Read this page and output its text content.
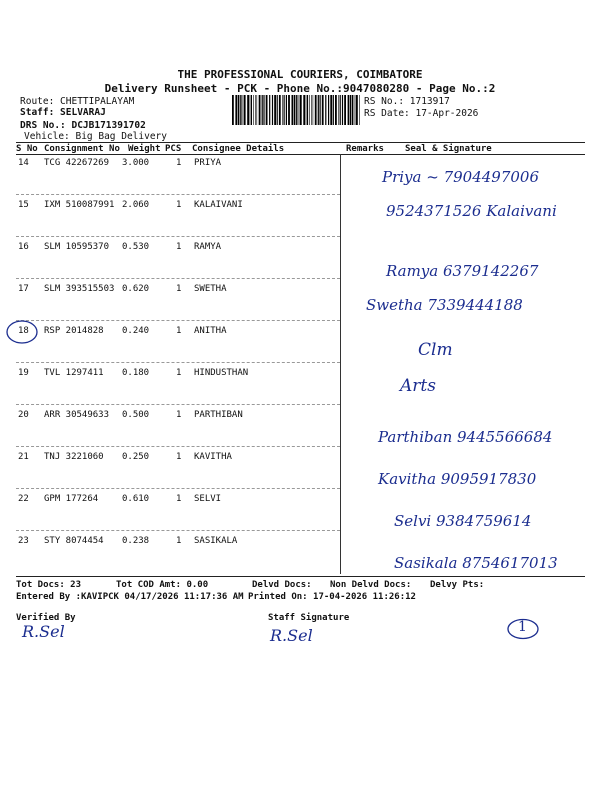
THE PROFESSIONAL COURIERS, COIMBATORE
Delivery Runsheet - PCK - Phone No.:9047080280 - Page No.:2
Route: CHETTIPALAYAM
Staff: SELVARAJ
DRS No.: DCJB171391702
Vehicle: Big Bag Delivery
RS No.: 1713917
RS Date: 17-Apr-2026
S No Consignment No Weight PCS Consignee Details	Remarks Seal & Signature
14 TCG 42267269 3.000	1 PRIYA
Priya ~ 7904497006
15 IXM 510087991 2.060	1 KALAIVANI	9524371526 Kalaivani
16 SLM 10595370 0.530	1 RAMYA
Ramya 6379142267
17 SLM 393515503 0.620	1 SWETHA
Swetha 7339444188
18 RSP 2014828 0.240	1 ANITHA
Clm
19 TVL 1297411 0.180	1 HINDUSTHAN
Arts
20 ARR 30549633 0.500	1 PARTHIBAN
Parthiban 9445566684
21 TNJ 3221060 0.250	1 KAVITHA
Kavitha 9095917830
22 GPM 177264	0.610	1 SELVI
Selvi 9384759614
23 STY 8074454 0.238	1 SASIKALA
Sasikala 8754617013
Tot Docs: 23	Tot COD Amt: 0.00	Delvd Docs: Non Delvd Docs: Delvy Pts:
Entered By :KAVIPCK 04/17/2026 11:17:36 AM Printed On: 17-04-2026 11:26:12
Verified By	Staff Signature
R.Sel	R.Sel	1
